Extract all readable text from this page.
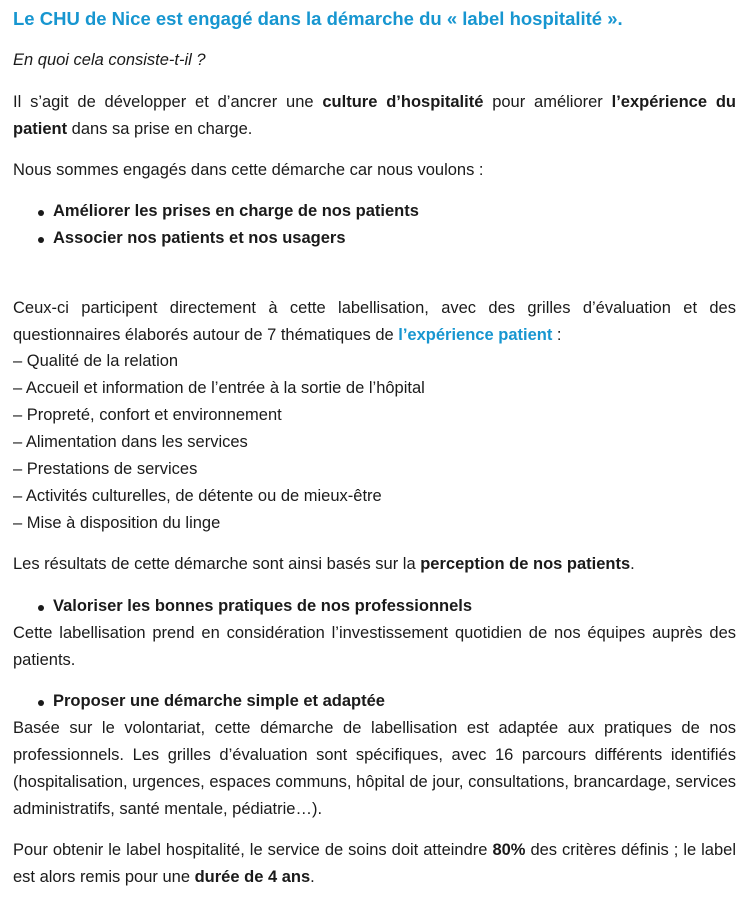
Le CHU de Nice est engagé dans la démarche du « label hospitalité ».
En quoi cela consiste-t-il ?
Il s’agit de développer et d’ancrer une culture d’hospitalité pour améliorer l’expérience du patient dans sa prise en charge.
Nous sommes engagés dans cette démarche car nous voulons :
Améliorer les prises en charge de nos patients
Associer nos patients et nos usagers
Ceux-ci participent directement à cette labellisation, avec des grilles d’évaluation et des questionnaires élaborés autour de 7 thématiques de l’expérience patient :
– Qualité de la relation
– Accueil et information de l’entrée à la sortie de l’hôpital
– Propreté, confort et environnement
– Alimentation dans les services
– Prestations de services
– Activités culturelles, de détente ou de mieux-être
– Mise à disposition du linge
Les résultats de cette démarche sont ainsi basés sur la perception de nos patients.
Valoriser les bonnes pratiques de nos professionnels
Cette labellisation prend en considération l’investissement quotidien de nos équipes auprès des patients.
Proposer une démarche simple et adaptée
Basée sur le volontariat, cette démarche de labellisation est adaptée aux pratiques de nos professionnels. Les grilles d’évaluation sont spécifiques, avec 16 parcours différents identifiés (hospitalisation, urgences, espaces communs, hôpital de jour, consultations, brancardage, services administratifs, santé mentale, pédiatrie…).
Pour obtenir le label hospitalité, le service de soins doit atteindre 80% des critères définis ; le label est alors remis pour une durée de 4 ans.
